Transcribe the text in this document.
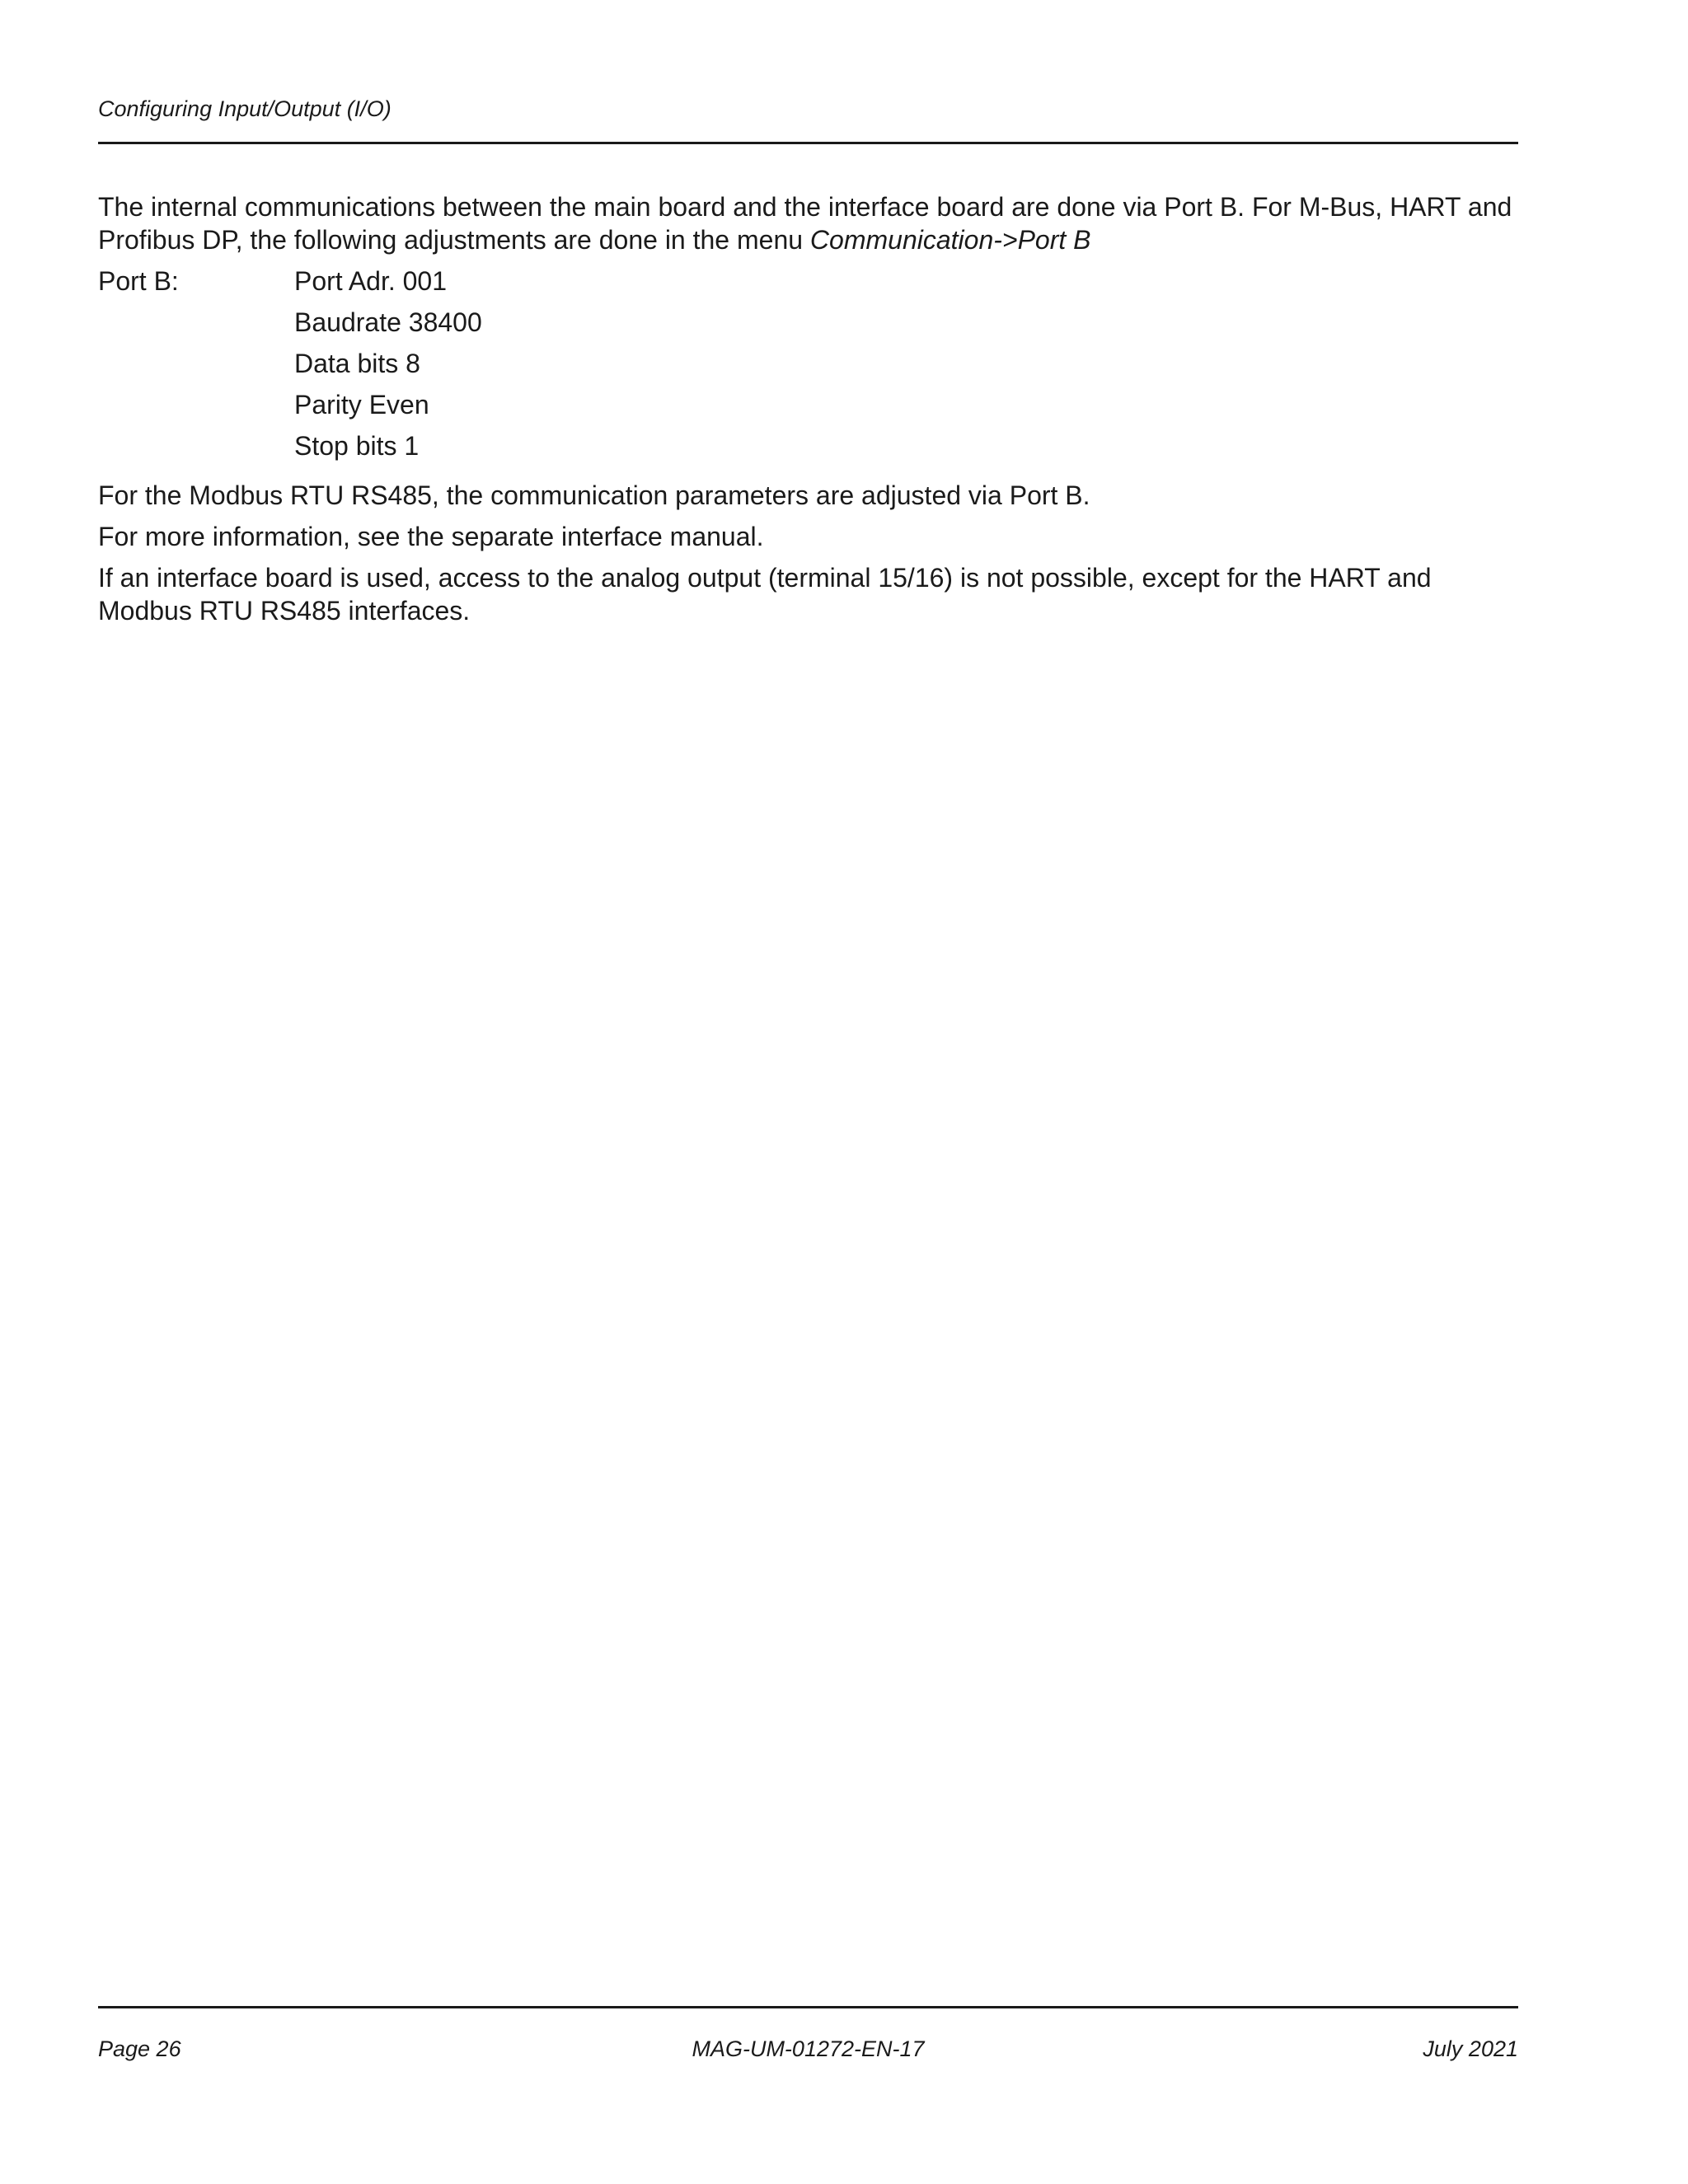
Configuring Input/Output (I/O)

The internal communications between the main board and the interface board are done via Port B. For M-Bus, HART and Profibus DP, the following adjustments are done in the menu Communication->Port B

Port B:	Port Adr. 001
Baudrate 38400
Data bits 8
Parity Even
Stop bits 1

For the Modbus RTU RS485, the communication parameters are adjusted via Port B.

For more information, see the separate interface manual.

If an interface board is used, access to the analog output (terminal 15/16) is not possible, except for the HART and Modbus RTU RS485 interfaces.

Page 26	MAG-UM-01272-EN-17	July 2021
